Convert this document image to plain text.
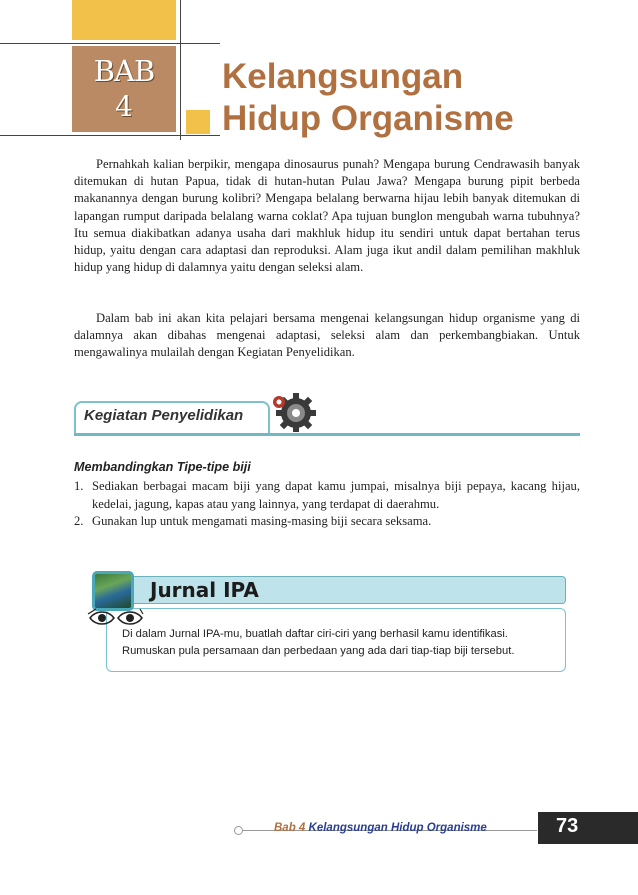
BAB
4
Kelangsungan
Hidup Organisme
Pernahkah kalian berpikir, mengapa dinosaurus punah? Mengapa burung Cendrawasih banyak ditemukan di hutan Papua, tidak di hutan-hutan Pulau Jawa? Mengapa burung pipit berbeda makanannya dengan burung kolibri? Mengapa belalang berwarna hijau lebih banyak ditemukan di lapangan rumput daripada belalang warna coklat? Apa tujuan bunglon mengubah warna tubuhnya? Itu semua diakibatkan adanya usaha dari makhluk hidup itu sendiri untuk dapat bertahan terus hidup, yaitu dengan cara adaptasi dan reproduksi. Alam juga ikut andil dalam pemilihan makhluk hidup yang hidup di dalamnya yaitu dengan seleksi alam.
Dalam bab ini akan kita pelajari bersama mengenai kelangsungan hidup organisme yang di dalamnya akan dibahas mengenai adaptasi, seleksi alam dan perkembangbiakan. Untuk mengawalinya mulailah dengan Kegiatan Penyelidikan.
Kegiatan Penyelidikan
Membandingkan Tipe-tipe biji
1. Sediakan berbagai macam biji yang dapat kamu jumpai, misalnya biji pepaya, kacang hijau, kedelai, jagung, kapas atau yang lainnya, yang terdapat di daerahmu.
2. Gunakan lup untuk mengamati masing-masing biji secara seksama.
Jurnal IPA
Di dalam Jurnal IPA-mu, buatlah daftar ciri-ciri yang berhasil kamu identifikasi.
Rumuskan pula persamaan dan perbedaan yang ada dari tiap-tiap biji tersebut.
Bab 4 Kelangsungan Hidup Organisme	73
